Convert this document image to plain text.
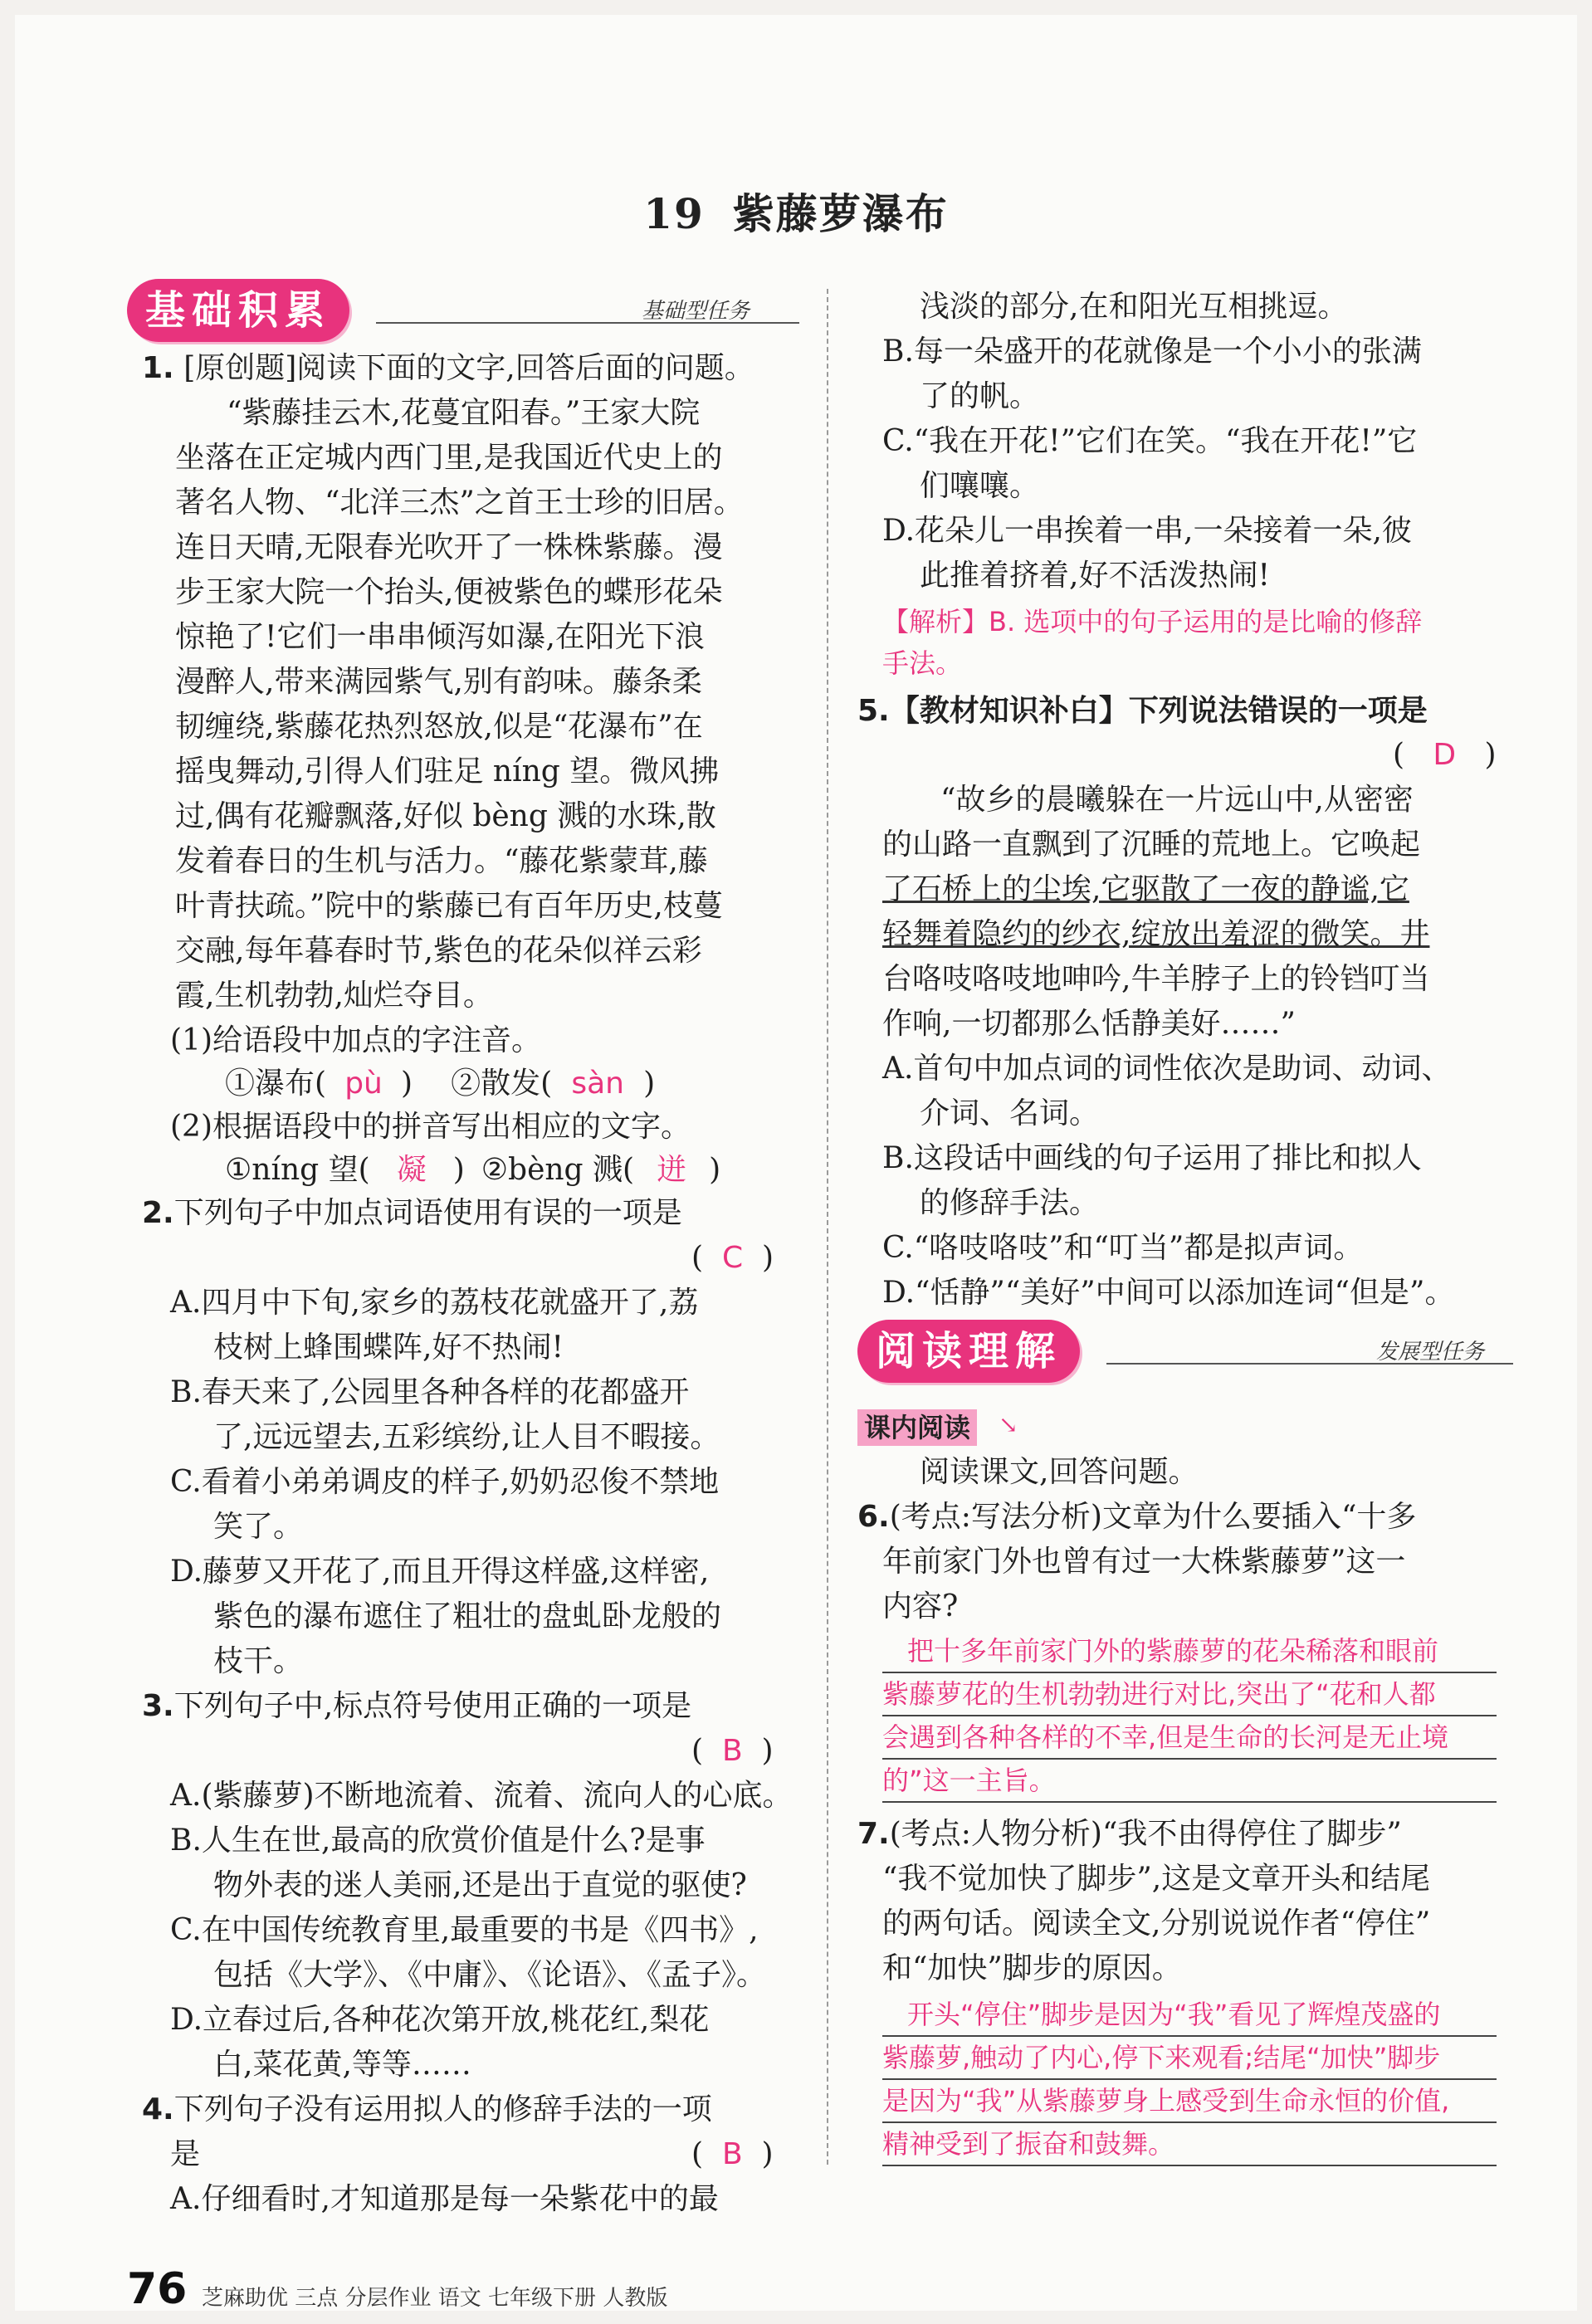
19 紫藤萝瀑布
基础积累	基础型任务
1. [原创题]阅读下面的文字,回答后面的问题。
“紫藤挂云木,花蔓宜阳春。”王家大院
坐落在正定城内西门里,是我国近代史上的
著名人物、“北洋三杰”之首王士珍的旧居。
连日天晴,无限春光吹开了一株株紫藤。漫
步王家大院一个抬头,便被紫色的蝶形花朵
惊艳了!它们一串串倾泻如瀑,在阳光下浪
漫醉人,带来满园紫气,别有韵味。藤条柔
韧缠绕,紫藤花热烈怒放,似是“花瀑布”在
摇曳舞动,引得人们驻足 níng 望。微风拂
过,偶有花瓣飘落,好似 bèng 溅的水珠,散
发着春日的生机与活力。“藤花紫蒙茸,藤
叶青扶疏。”院中的紫藤已有百年历史,枝蔓
交融,每年暮春时节,紫色的花朵似祥云彩
霞,生机勃勃,灿烂夺目。
(1)给语段中加点的字注音。
①瀑布( pù ) ②散发( sàn )
(2)根据语段中的拼音写出相应的文字。
①níng 望( 凝 ) ②bèng 溅( 迸 )
2.下列句子中加点词语使用有误的一项是
(  C  )
A.四月中下旬,家乡的荔枝花就盛开了,荔
枝树上蜂围蝶阵,好不热闹!
B.春天来了,公园里各种各样的花都盛开
了,远远望去,五彩缤纷,让人目不暇接。
C.看着小弟弟调皮的样子,奶奶忍俊不禁地
笑了。
D.藤萝又开花了,而且开得这样盛,这样密,
紫色的瀑布遮住了粗壮的盘虬卧龙般的
枝干。
3.下列句子中,标点符号使用正确的一项是
(  B  )
A.(紫藤萝)不断地流着、流着、流向人的心底。
B.人生在世,最高的欣赏价值是什么?是事
物外表的迷人美丽,还是出于直觉的驱使?
C.在中国传统教育里,最重要的书是《四书》,
包括《大学》、《中庸》、《论语》、《孟子》。
D.立春过后,各种花次第开放,桃花红,梨花
白,菜花黄,等等……
4.下列句子没有运用拟人的修辞手法的一项
是	(  B  )
A.仔细看时,才知道那是每一朵紫花中的最
浅淡的部分,在和阳光互相挑逗。
B.每一朵盛开的花就像是一个小小的张满
了的帆。
C.“我在开花!”它们在笑。“我在开花!”它
们嚷嚷。
D.花朵儿一串挨着一串,一朵接着一朵,彼
此推着挤着,好不活泼热闹!
【解析】B. 选项中的句子运用的是比喻的修辞
手法。
5.【教材知识补白】下列说法错误的一项是
(   D   )
“故乡的晨曦躲在一片远山中,从密密
的山路一直飘到了沉睡的荒地上。它唤起
了石桥上的尘埃,它驱散了一夜的静谧,它
轻舞着隐约的纱衣,绽放出羞涩的微笑。井
台咯吱咯吱地呻吟,牛羊脖子上的铃铛叮当
作响,一切都那么恬静美好……”
A.首句中加点词的词性依次是助词、动词、
介词、名词。
B.这段话中画线的句子运用了排比和拟人
的修辞手法。
C.“咯吱咯吱”和“叮当”都是拟声词。
D.“恬静”“美好”中间可以添加连词“但是”。
阅读理解	发展型任务
课内阅读 ↘
阅读课文,回答问题。
6.(考点:写法分析)文章为什么要插入“十多
年前家门外也曾有过一大株紫藤萝”这一
内容?
把十多年前家门外的紫藤萝的花朵稀落和眼前
紫藤萝花的生机勃勃进行对比,突出了“花和人都
会遇到各种各样的不幸,但是生命的长河是无止境
的”这一主旨。
7.(考点:人物分析)“我不由得停住了脚步”
“我不觉加快了脚步”,这是文章开头和结尾
的两句话。阅读全文,分别说说作者“停住”
和“加快”脚步的原因。
开头“停住”脚步是因为“我”看见了辉煌茂盛的
紫藤萝,触动了内心,停下来观看;结尾“加快”脚步
是因为“我”从紫藤萝身上感受到生命永恒的价值,
精神受到了振奋和鼓舞。
76 芝麻助优 三点 分层作业 语文 七年级下册 人教版
